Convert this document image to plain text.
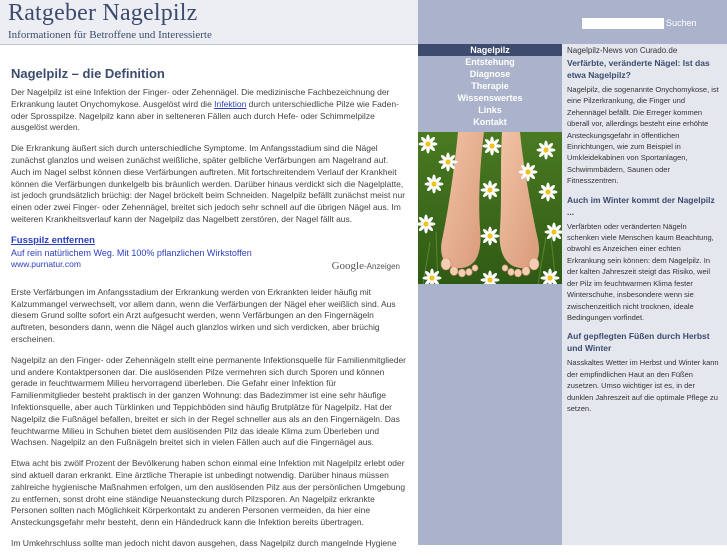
Ratgeber Nagelpilz
Informationen für Betroffene und Interessierte
Suchen
Nagelpilz
Entstehung
Diagnose
Therapie
Wissenswertes
Links
Kontakt
Nagelpilz – die Definition

Der Nagelpilz ist eine Infektion der Finger- oder Zehennägel. Die medizinische Fachbezeichnung der Erkrankung lautet Onychomykose. Ausgelöst wird die Infektion durch unterschiedliche Pilze wie Faden- oder Sprosspilze. Nagelpilz kann aber in selteneren Fällen auch durch Hefe- oder Schimmelpilze ausgelöst werden.

Die Erkrankung äußert sich durch unterschiedliche Symptome. Im Anfangsstadium sind die Nägel zunächst glanzlos und weisen zunächst weißliche, später gelbliche Verfärbungen am Nagelrand auf. Auch im Nagel selbst können diese Verfärbungen auftreten. Mit fortschreitendem Verlauf der Krankheit können die Verfärbungen dunkelgelb bis bräunlich werden. Darüber hinaus verdickt sich die Nagelplatte, ist jedoch grundsätzlich brüchig: der Nagel bröckelt beim Schneiden. Nagelpilz befällt zunächst meist nur einen oder zwei Finger- oder Zehennägel, breitet sich jedoch sehr schnell auf die übrigen Nägel aus. Im weiteren Krankheitsverlauf kann der Nagelpilz das Nagelbett zerstören, der Nagel fällt aus.

Fusspilz entfernen
Auf rein natürlichem Weg. Mit 100% pflanzlichen Wirkstoffen
www.purnatur.com	Google-Anzeigen

Erste Verfärbungen im Anfangsstadium der Erkrankung werden von Erkrankten leider häufig mit Kalzummangel verwechselt, vor allem dann, wenn die Verfärbungen der Nägel eher weißlich sind. Aus diesem Grund sollte sofort ein Arzt aufgesucht werden, wenn Verfärbungen an den Fingernägeln auftreten, besonders dann, wenn die Nägel auch glanzlos wirken und sich verdicken, aber brüchig erscheinen.

Nagelpilz an den Finger- oder Zehennägeln stellt eine permanente Infektionsquelle für Familienmitglieder und andere Kontaktpersonen dar. Die auslösenden Pilze vermehren sich durch Sporen und können gerade in feuchtwarmem Milieu hervorragend überleben. Die Gefahr einer Infektion für Familienmitglieder besteht praktisch in der ganzen Wohnung: das Badezimmer ist eine sehr häufige Infektionsquelle, aber auch Türklinken und Teppichböden sind häufig Brutplätze für Nagelpilz. Hat der Nagelpilz die Fußnägel befallen, breitet er sich in der Regel schneller aus als an den Fingernägeln. Das feuchtwarme Milieu in Schuhen bietet dem auslösenden Pilz das ideale Klima zum Überleben und Wachsen. Nagelpilz an den Fußnägeln breitet sich in vielen Fällen auch auf die Fingernägel aus.

Etwa acht bis zwölf Prozent der Bevölkerung haben schon einmal eine Infektion mit Nagelpilz erlebt oder sind aktuell daran erkrankt. Eine ärztliche Therapie ist unbedingt notwendig. Darüber hinaus müssen zahlreiche hygienische Maßnahmen erfolgen, um den auslösenden Pilz aus der persönlichen Umgebung zu entfernen, sonst droht eine ständige Neuansteckung durch Pilzsporen. An Nagelpilz erkrankte Personen sollten nach Möglichkeit Körperkontakt zu anderen Personen vermeiden, da hier eine Ansteckungsgefahr mehr besteht, denn ein Händedruck kann die Infektion bereits übertragen.

Im Umkehrschluss sollte man jedoch nicht davon ausgehen, dass Nagelpilz durch mangelnde Hygiene

Nagelpilz-News von Curado.de
Verfärbte, veränderte Nägel: Ist das etwa Nagelpilz?
Nagelpilz, die sogenannte Onychomykose, ist eine Pilzerkrankung, die Finger und Zehennägel befällt. Die Erreger kommen überall vor, allerdings besteht eine erhöhte Ansteckungsgefahr in öffentlichen Einrichtungen, wie zum Beispiel in Umkleidekabinen von Sportanlagen, Schwimmbädern, Saunen oder Fitnesszentren.
Auch im Winter kommt der Nagelpilz ...
Verfärbten oder veränderten Nägeln schenken viele Menschen kaum Beachtung, obwohl es Anzeichen einer echten Erkrankung sein können: dem Nagelpilz. In der kalten Jahreszeit steigt das Risiko, weil der Pilz im feuchtwarmen Klima fester Winterschuhe, insbesondere wenn sie zwischenzeitlich nicht trocknen, ideale Bedingungen vorfindet.
Auf gepflegten Füßen durch Herbst und Winter
Nasskaltes Wetter im Herbst und Winter kann der empfindlichen Haut an den Füßen zusetzen. Umso wichtiger ist es, in der dunklen Jahreszeit auf die optimale Pflege zu setzen.
